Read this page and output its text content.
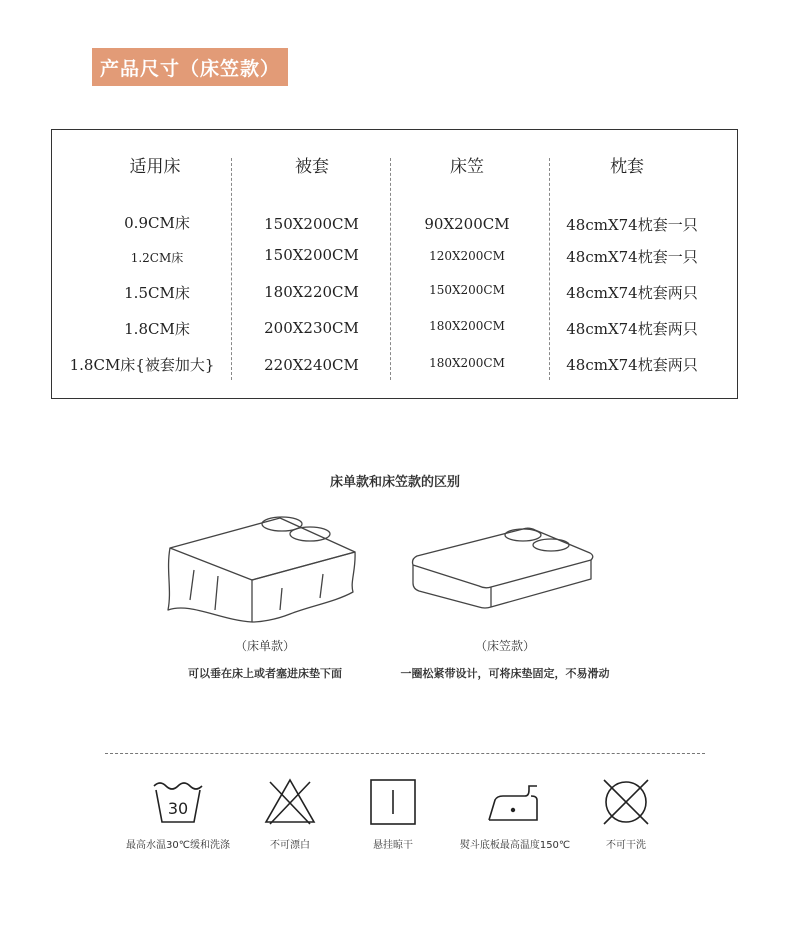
产品尺寸（床笠款）
适用床	被套	床笠	枕套
0.9CM床	150X200CM	90X200CM	48cmX74枕套一只
1.2CM床	150X200CM	120X200CM	48cmX74枕套一只
1.5CM床	180X220CM	150X200CM	48cmX74枕套两只
1.8CM床	200X230CM	180X200CM	48cmX74枕套两只
1.8CM床{被套加大}	220X240CM	180X200CM	48cmX74枕套两只
床单款和床笠款的区别
（床单款）
可以垂在床上或者塞进床垫下面
（床笠款）
一圈松紧带设计，可将床垫固定，不易滑动
30
最高水温30℃缓和洗涤	不可漂白	悬挂晾干	熨斗底板最高温度150℃	不可干洗
